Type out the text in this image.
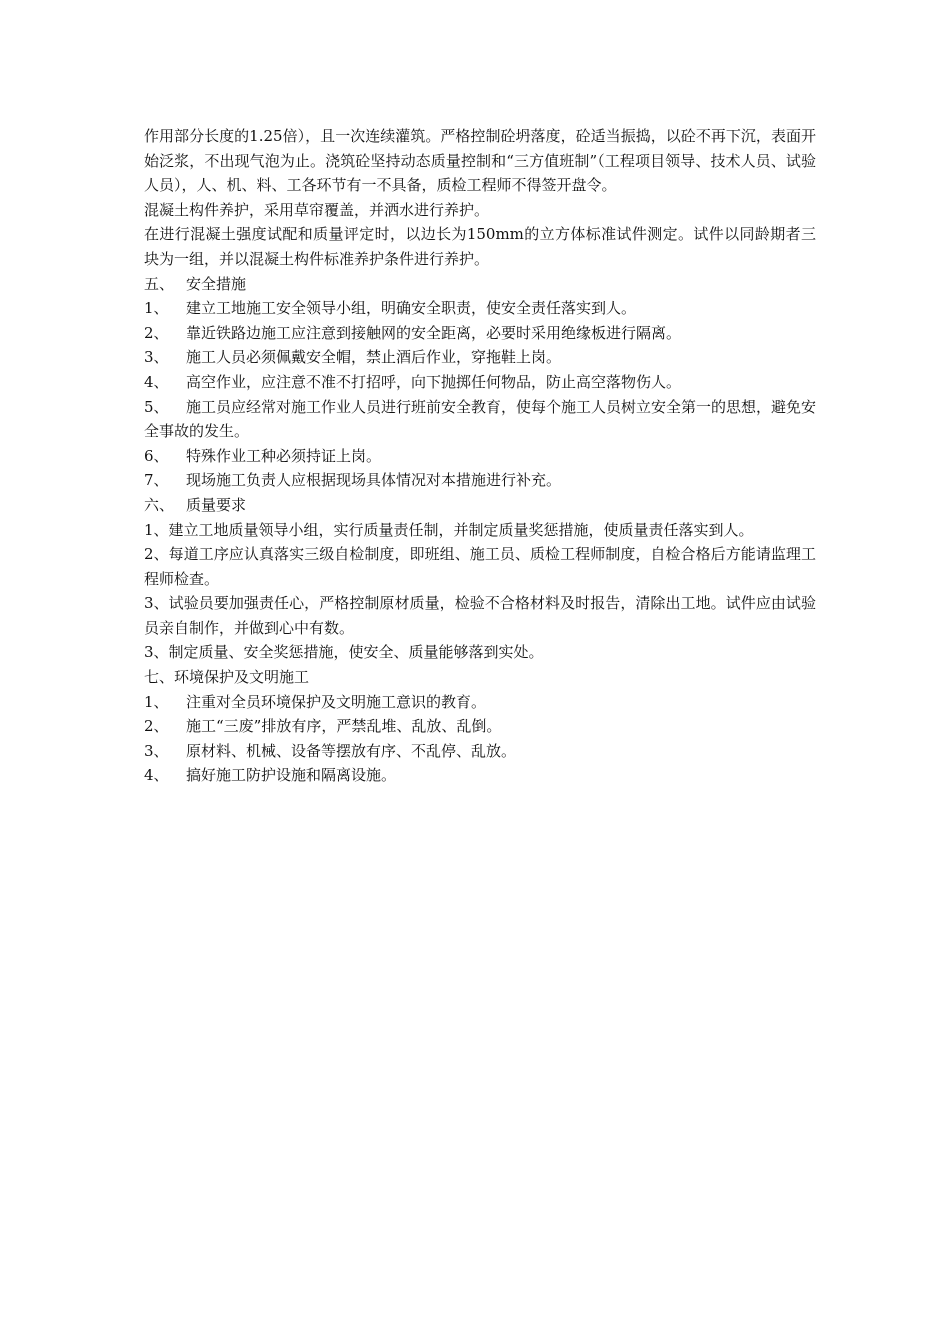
作用部分长度的1.25倍），且一次连续灌筑。严格控制砼坍落度，砼适当振捣，以砼不再下沉，表面开始泛浆，不出现气泡为止。浇筑砼坚持动态质量控制和“三方值班制”（工程项目领导、技术人员、试验人员），人、机、料、工各环节有一不具备，质检工程师不得签开盘令。

混凝土构件养护，采用草帘覆盖，并洒水进行养护。

在进行混凝土强度试配和质量评定时，以边长为150mm的立方体标准试件测定。试件以同龄期者三块为一组，并以混凝土构件标准养护条件进行养护。

五、 安全措施
1、	建立工地施工安全领导小组，明确安全职责，使安全责任落实到人。
2、	靠近铁路边施工应注意到接触网的安全距离，必要时采用绝缘板进行隔离。
3、	施工人员必须佩戴安全帽，禁止酒后作业，穿拖鞋上岗。
4、	高空作业，应注意不准不打招呼，向下抛掷任何物品，防止高空落物伤人。
5、 施工员应经常对施工作业人员进行班前安全教育，使每个施工人员树立安全第一的思想，避免安全事故的发生。
6、	特殊作业工种必须持证上岗。
7、	现场施工负责人应根据现场具体情况对本措施进行补充。
六、 质量要求

1、建立工地质量领导小组，实行质量责任制，并制定质量奖惩措施，使质量责任落实到人。

2、每道工序应认真落实三级自检制度，即班组、施工员、质检工程师制度，自检合格后方能请监理工程师检查。

3、试验员要加强责任心，严格控制原材质量，检验不合格材料及时报告，清除出工地。试件应由试验员亲自制作，并做到心中有数。

3、制定质量、安全奖惩措施，使安全、质量能够落到实处。

七、环境保护及文明施工

1、	注重对全员环境保护及文明施工意识的教育。
2、	施工“三废”排放有序，严禁乱堆、乱放、乱倒。
3、	原材料、机械、设备等摆放有序、不乱停、乱放。
4、	搞好施工防护设施和隔离设施。
